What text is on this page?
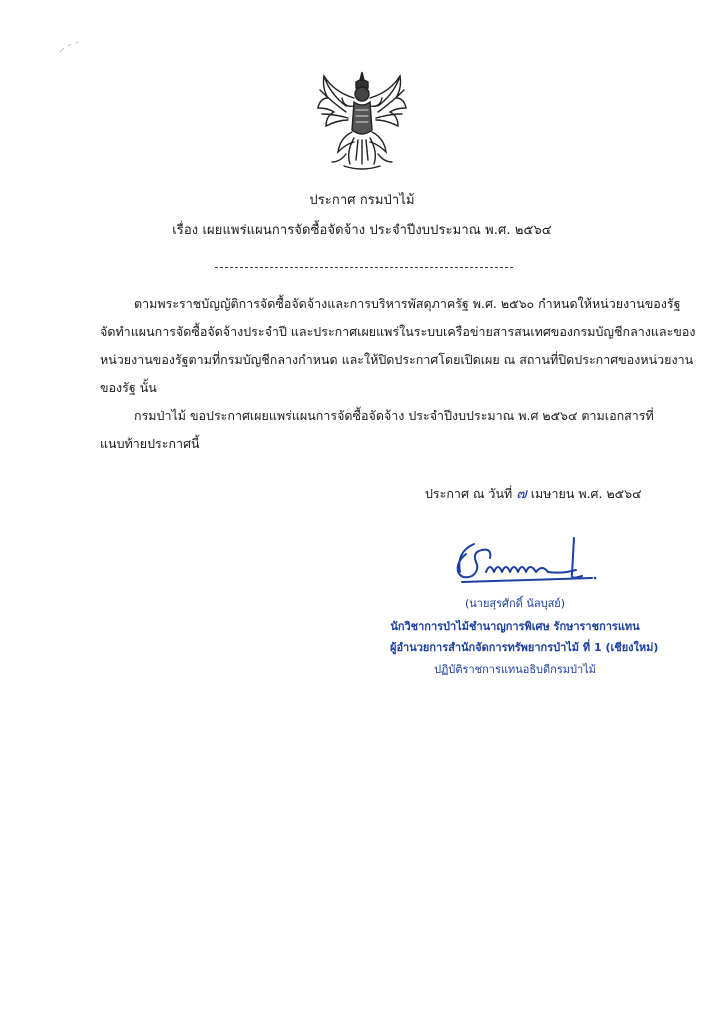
ประกาศ กรมป่าไม้
เรื่อง เผยแพร่แผนการจัดซื้อจัดจ้าง ประจำปีงบประมาณ พ.ศ. ๒๕๖๔
ตามพระราชบัญญัติการจัดซื้อจัดจ้างและการบริหารพัสดุภาครัฐ พ.ศ. ๒๕๖๐ กำหนดให้หน่วยงานของรัฐ
จัดทำแผนการจัดซื้อจัดจ้างประจำปี และประกาศเผยแพร่ในระบบเครือข่ายสารสนเทศของกรมบัญชีกลางและของ
หน่วยงานของรัฐตามที่กรมบัญชีกลางกำหนด และให้ปิดประกาศโดยเปิดเผย ณ สถานที่ปิดประกาศของหน่วยงาน
ของรัฐ นั้น
กรมป่าไม้ ขอประกาศเผยแพร่แผนการจัดซื้อจัดจ้าง ประจำปีงบประมาณ พ.ศ ๒๕๖๔ ตามเอกสารที่
แนบท้ายประกาศนี้
ประกาศ ณ วันที่ ๗ เมษายน พ.ศ. ๒๕๖๔
(นายสุรศักดิ์ นัลบุสย์)
นักวิชาการป่าไม้ชำนาญการพิเศษ รักษาราชการแทน
ผู้อำนวยการสำนักจัดการทรัพยากรป่าไม้ ที่ 1 (เชียงใหม่)
ปฏิบัติราชการแทนอธิบดีกรมป่าไม้
